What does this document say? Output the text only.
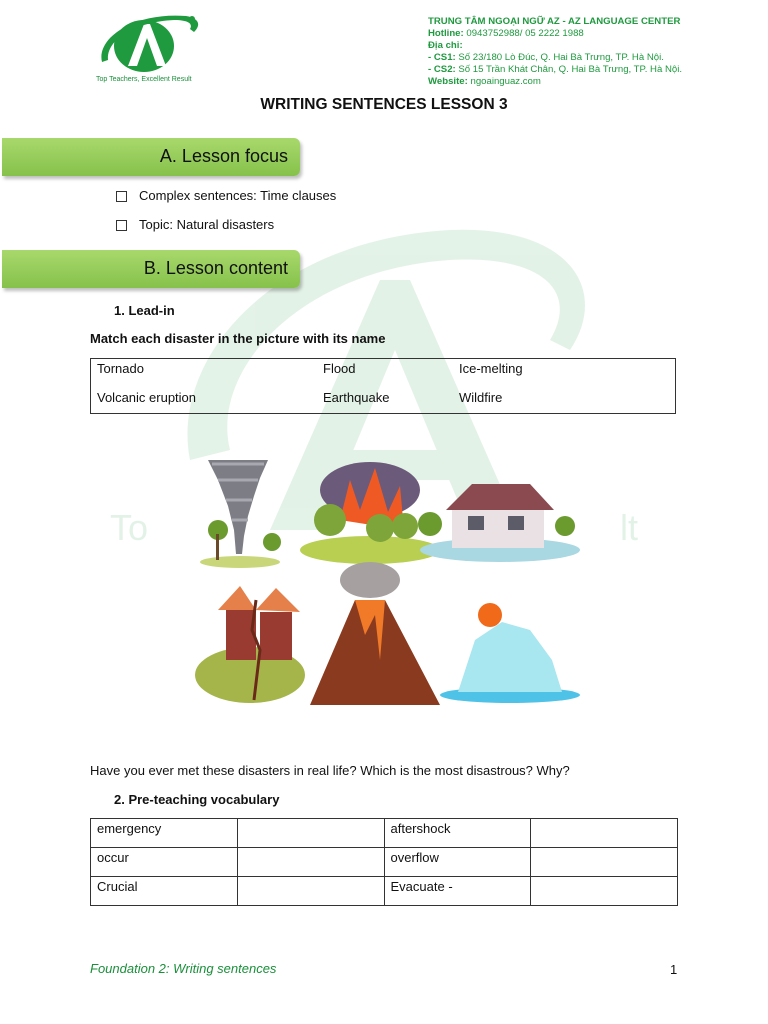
To	lt
Top Teachers, Excellent Result
TRUNG TÂM NGOẠI NGỮ AZ - AZ LANGUAGE CENTER
Hotline: 0943752988/ 05 2222 1988
Địa chỉ:
- CS1: Số 23/180 Lò Đúc, Q. Hai Bà Trưng, TP. Hà Nội.
- CS2: Số 15 Trần Khát Chân, Q. Hai Bà Trưng, TP. Hà Nội.
Website: ngoainguaz.com
WRITING SENTENCES LESSON 3
A. Lesson focus
Complex sentences: Time clauses
Topic: Natural disasters
B. Lesson content
1. Lead-in
Match each disaster in the picture with its name
Tornado	Flood	Ice-melting
Volcanic eruption	Earthquake	Wildfire
Have you ever met these disasters in real life? Which is the most disastrous? Why?
2. Pre-teaching vocabulary
emergency		aftershock	
occur		overflow	
Crucial		Evacuate -	
Foundation 2: Writing sentences	1
